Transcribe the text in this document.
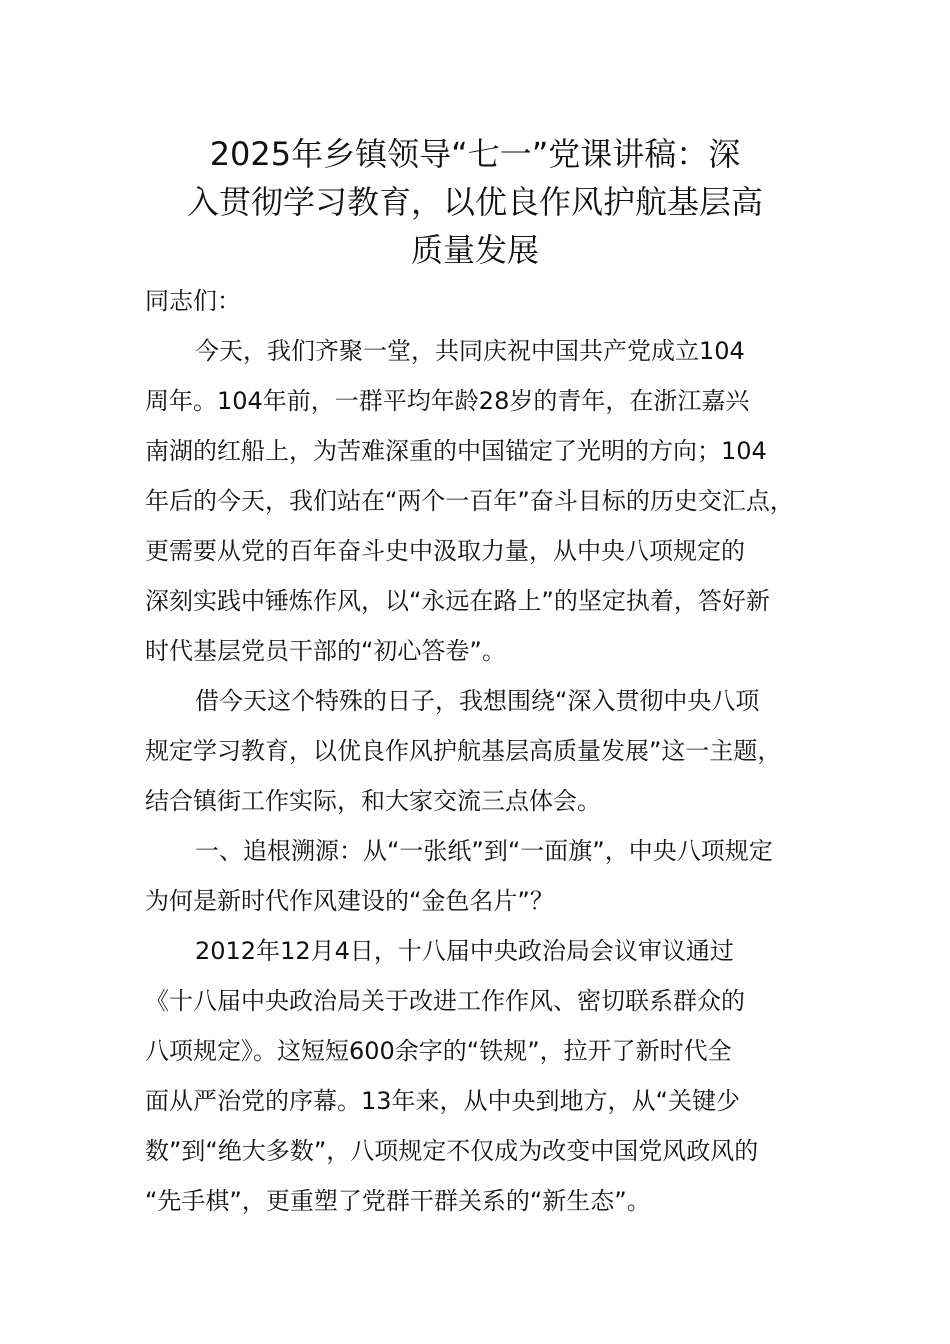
2025年乡镇领导“七一”党课讲稿：深
入贯彻学习教育，以优良作风护航基层高
质量发展
同志们：
今天，我们齐聚一堂，共同庆祝中国共产党成立104
周年。104年前，一群平均年龄28岁的青年，在浙江嘉兴
南湖的红船上，为苦难深重的中国锚定了光明的方向；104
年后的今天，我们站在“两个一百年”奋斗目标的历史交汇点，
更需要从党的百年奋斗史中汲取力量，从中央八项规定的
深刻实践中锤炼作风，以“永远在路上”的坚定执着，答好新
时代基层党员干部的“初心答卷”。
借今天这个特殊的日子，我想围绕“深入贯彻中央八项
规定学习教育，以优良作风护航基层高质量发展”这一主题，
结合镇街工作实际，和大家交流三点体会。
一、追根溯源：从“一张纸”到“一面旗”，中央八项规定
为何是新时代作风建设的“金色名片”？
2012年12月4日，十八届中央政治局会议审议通过
《十八届中央政治局关于改进工作作风、密切联系群众的
八项规定》。这短短600余字的“铁规”，拉开了新时代全
面从严治党的序幕。13年来，从中央到地方，从“关键少
数”到“绝大多数”，八项规定不仅成为改变中国党风政风的
“先手棋”，更重塑了党群干群关系的“新生态”。
